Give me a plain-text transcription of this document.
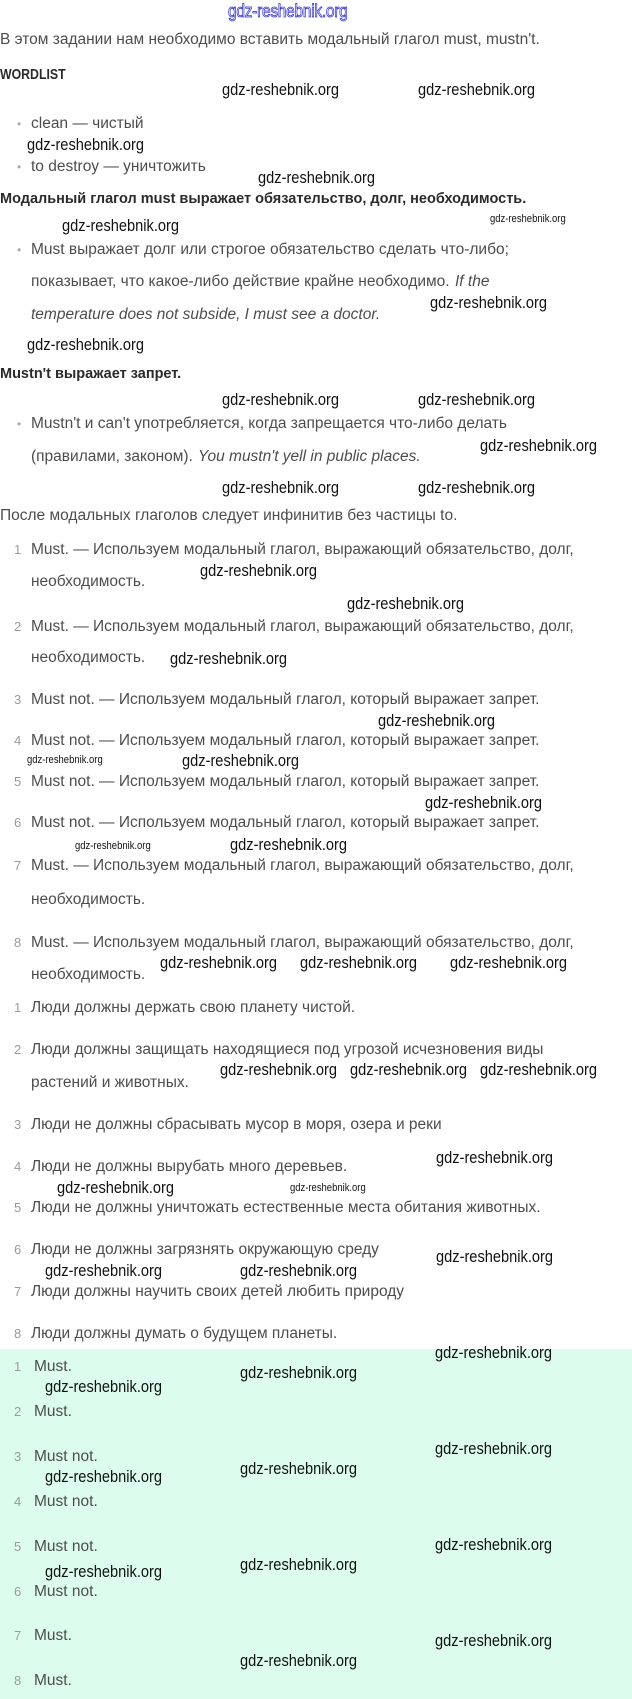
gdz-reshebnik.org
В этом задании нам необходимо вставить модальный глагол must, mustn't.
WORDLIST
• clean — чистый
• to destroy — уничтожить
Модальный глагол must выражает обязательство, долг, необходимость.
• Must выражает долг или строгое обязательство сделать что-либо;
показывает, что какое-либо действие крайне необходимо. If the
temperature does not subside, I must see a doctor.
Mustn't выражает запрет.
• Mustn't и can't употребляется, когда запрещается что-либо делать
(правилами, законом). You mustn't yell in public places.
После модальных глаголов следует инфинитив без частицы to.
1 Must. — Используем модальный глагол, выражающий обязательство, долг,
необходимость.
2 Must. — Используем модальный глагол, выражающий обязательство, долг,
необходимость.
3 Must not. — Используем модальный глагол, который выражает запрет.
4 Must not. — Используем модальный глагол, который выражает запрет.
5 Must not. — Используем модальный глагол, который выражает запрет.
6 Must not. — Используем модальный глагол, который выражает запрет.
7 Must. — Используем модальный глагол, выражающий обязательство, долг,
необходимость.
8 Must. — Используем модальный глагол, выражающий обязательство, долг,
необходимость.
1 Люди должны держать свою планету чистой.
2 Люди должны защищать находящиеся под угрозой исчезновения виды
растений и животных.
3 Люди не должны сбрасывать мусор в моря, озера и реки
4 Люди не должны вырубать много деревьев.
5 Люди не должны уничтожать естественные места обитания животных.
6 Люди не должны загрязнять окружающую среду
7 Люди должны научить своих детей любить природу
8 Люди должны думать о будущем планеты.
1 Must.
2 Must.
3 Must not.
4 Must not.
5 Must not.
6 Must not.
7 Must.
8 Must.
gdz-reshebnik.org	gdz-reshebnik.org
gdz-reshebnik.org
gdz-reshebnik.org
gdz-reshebnik.org
gdz-reshebnik.org
gdz-reshebnik.org
gdz-reshebnik.org	gdz-reshebnik.org
gdz-reshebnik.org
gdz-reshebnik.org	gdz-reshebnik.org
gdz-reshebnik.org
gdz-reshebnik.org
gdz-reshebnik.org
gdz-reshebnik.org
gdz-reshebnik.org
gdz-reshebnik.org
gdz-reshebnik.org
gdz-reshebnik.org gdz-reshebnik.org gdz-reshebnik.org
gdz-reshebnik.org gdz-reshebnik.org gdz-reshebnik.org
gdz-reshebnik.org
gdz-reshebnik.org
gdz-reshebnik.org
gdz-reshebnik.org	gdz-reshebnik.org
gdz-reshebnik.org
gdz-reshebnik.org
gdz-reshebnik.org
gdz-reshebnik.org
gdz-reshebnik.org	gdz-reshebnik.org
gdz-reshebnik.org
gdz-reshebnik.org	gdz-reshebnik.org
gdz-reshebnik.org
gdz-reshebnik.org
gdz-reshebnik.org
gdz-reshebnik.org
gdz-reshebnik.org
gdz-reshebnik.org
